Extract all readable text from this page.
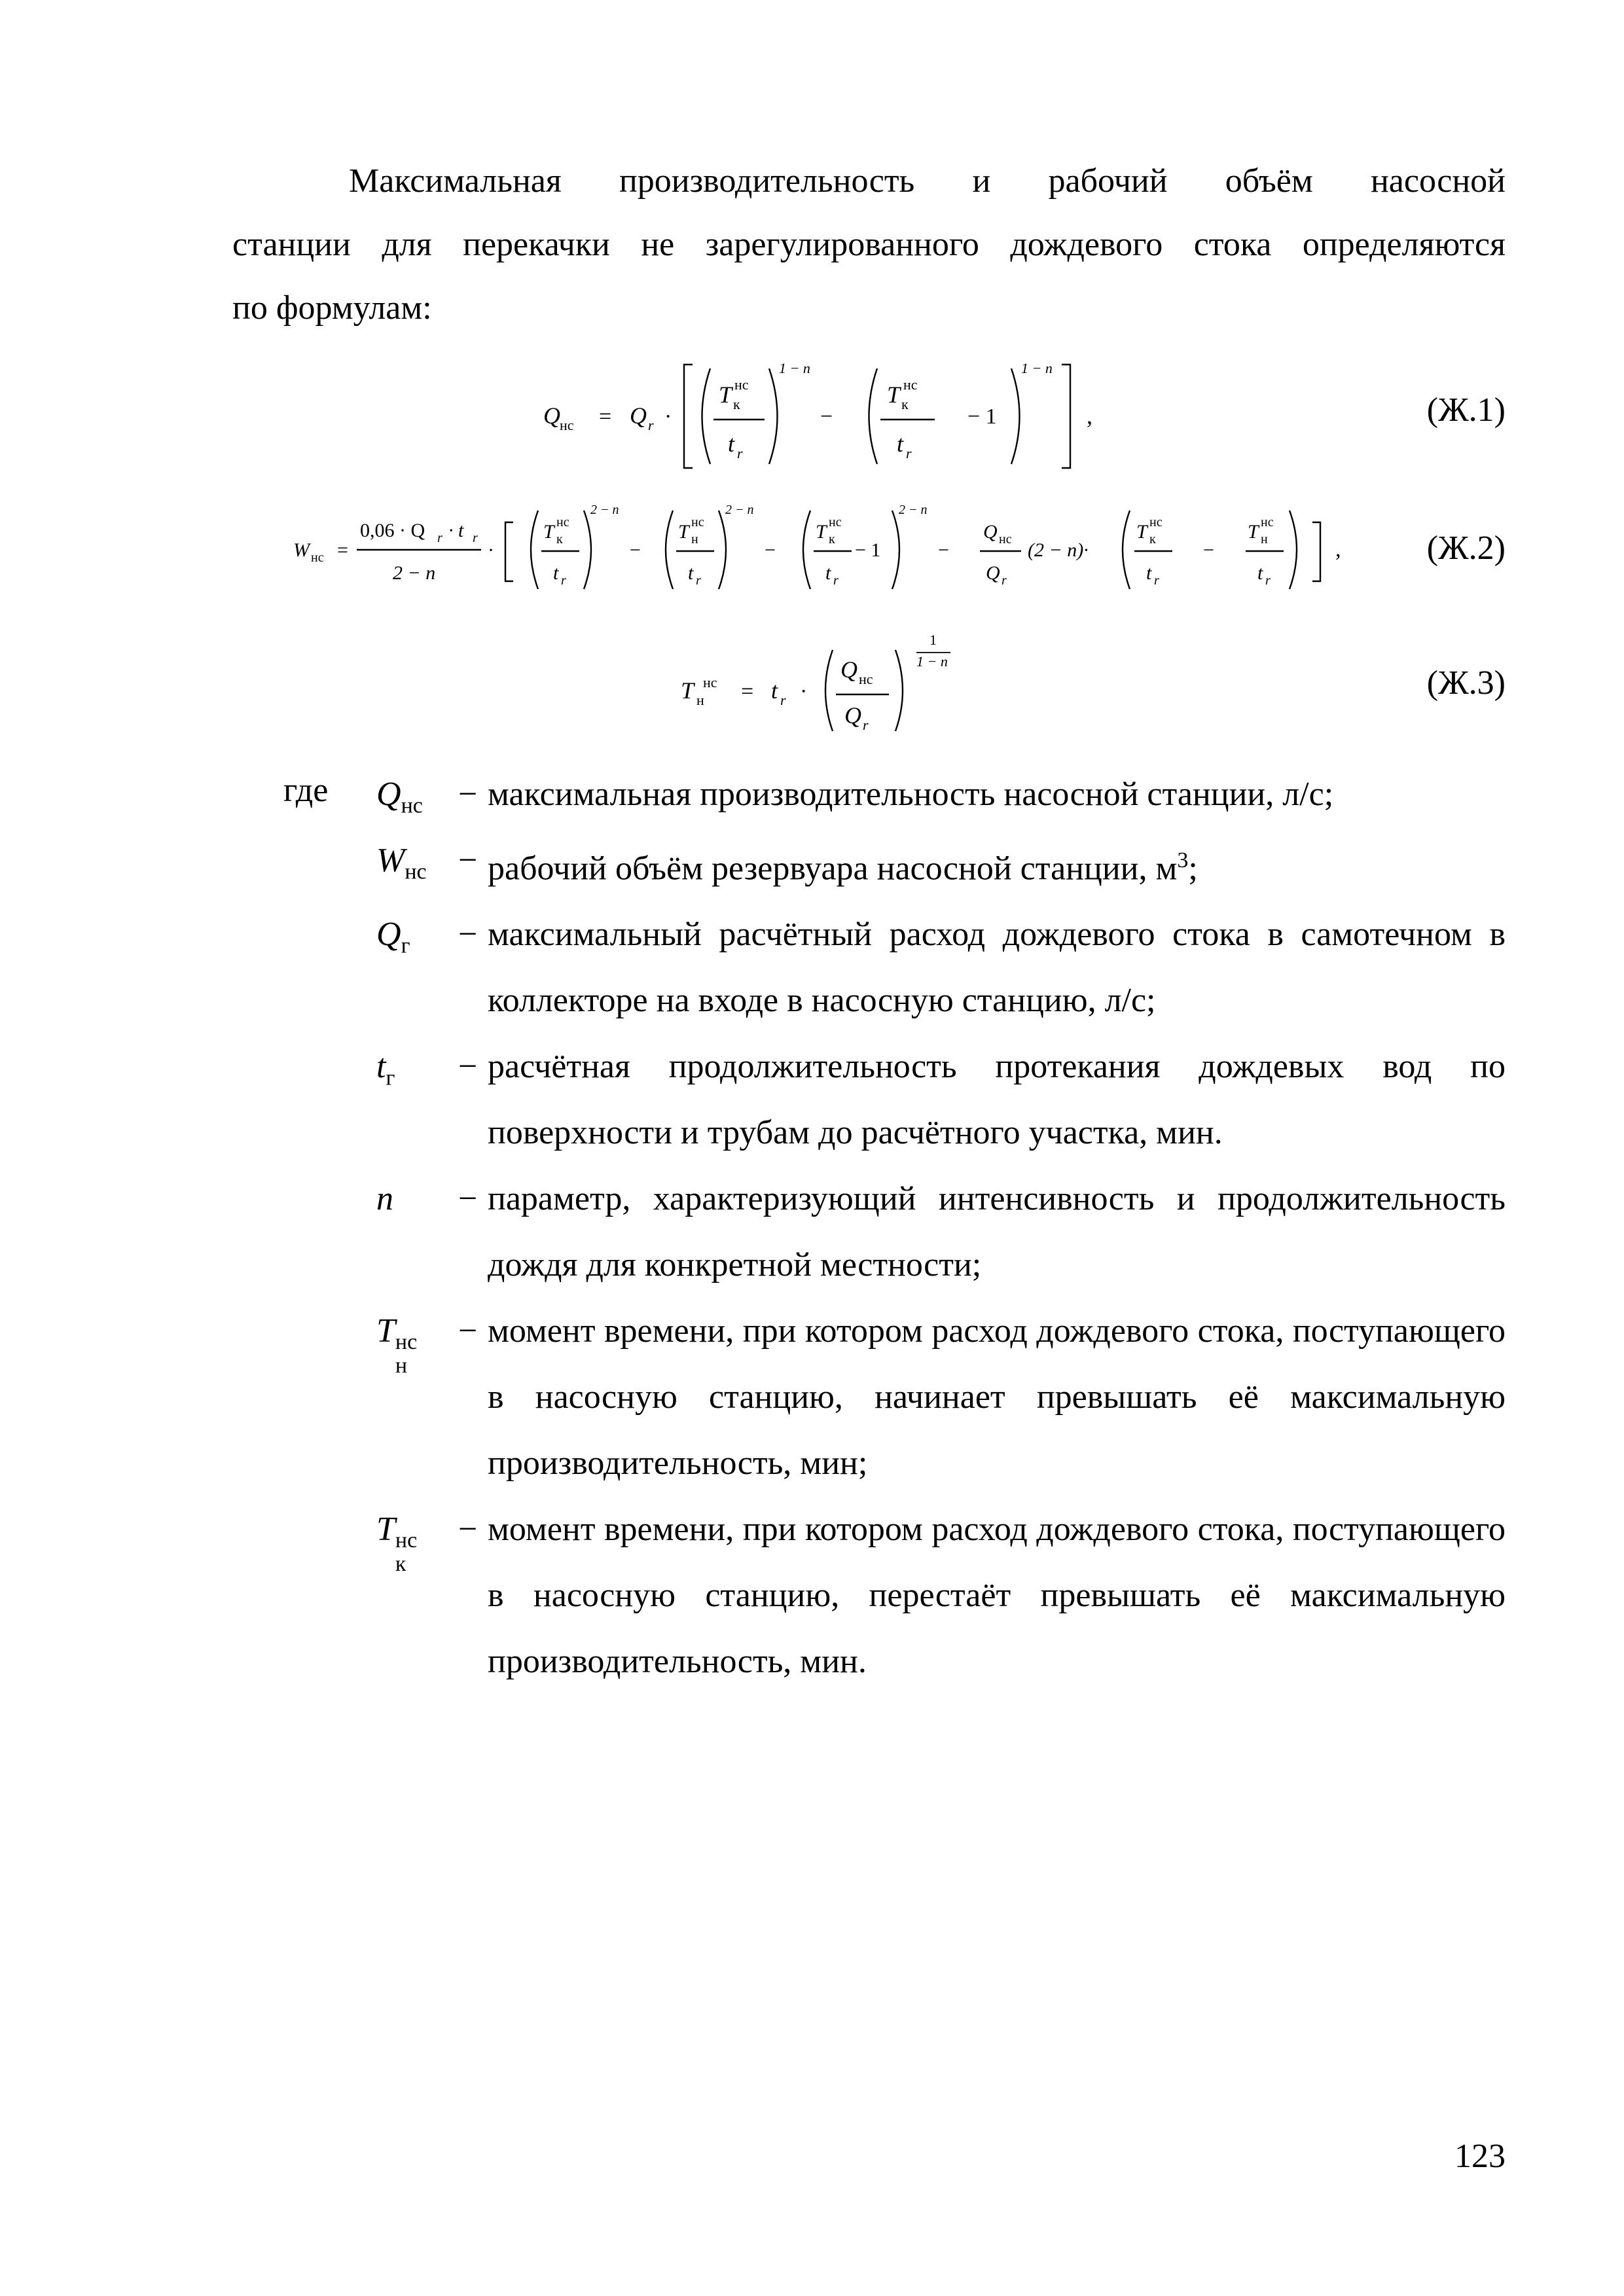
Максимальная производительность и рабочий объём насосной
станции для перекачки не зарегулированного дождевого стока определяются
по формулам:

Q нс = Q r ·
T к
нс
t r
1 − n
−
T к
нс
t r
− 1
1 − n
,	(Ж.1)
W нс =
0,06 · Q r · t r
2 − n
·
T к
нс
t r
2 − n
−
T н
нс
t r
2 − n
−
T к
нс
t r
− 1
2 − n
−
Q нс
Q r
(2 − n)·
T к
нс
t r
−
T н
нс
t r
,	(Ж.2)
T н
нс = t r ·
Q нс
Q r
1
1 − n
(Ж.3)
где $Q_{нс}$	− максимальная производительность насосной станции, л/с;
$W_{нс}$ − рабочий объём резервуара насосной станции, $м^3$;
$Q_г$	− максимальный расчётный расход дождевого стока в самотечном в коллекторе на входе в насосную станцию, л/с;
$t_г$	− расчётная продолжительность протекания дождевых вод по поверхности и трубам до расчётного участка, мин.
n	− параметр, характеризующий интенсивность и продолжительность дождя для конкретной местности;
T нс
н
− момент времени, при котором расход дождевого стока, поступающего в насосную станцию, начинает превышать её максимальную производительность, мин;
T нс
к
− момент времени, при котором расход дождевого стока, поступающего в насосную станцию, перестаёт превышать её максимальную производительность, мин.
123
